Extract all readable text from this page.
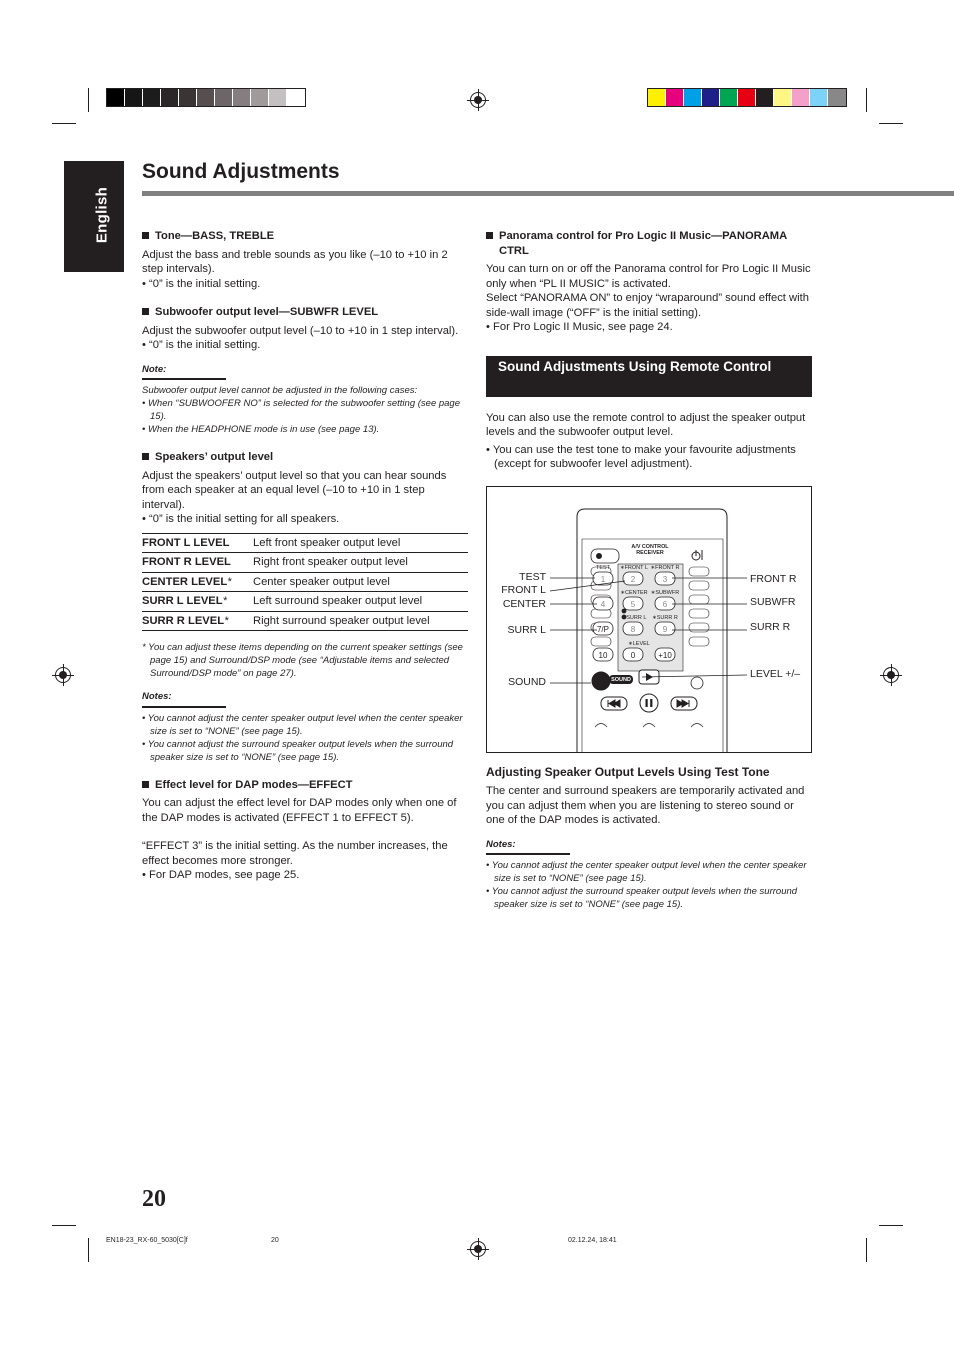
English
Sound Adjustments
Tone—BASS, TREBLE
Adjust the bass and treble sounds as you like (–10 to +10 in 2 step intervals).
• “0” is the initial setting.
Subwoofer output level—SUBWFR LEVEL
Adjust the subwoofer output level (–10 to +10 in 1 step interval).
• “0” is the initial setting.
Note:
Subwoofer output level cannot be adjusted in the following cases:
• When “SUBWOOFER NO” is selected for the subwoofer setting (see page 15).
• When the HEADPHONE mode is in use (see page 13).
Speakers’ output level
Adjust the speakers’ output level so that you can hear sounds from each speaker at an equal level (–10 to +10 in 1 step interval).
• “0” is the initial setting for all speakers.
FRONT L LEVEL	Left front speaker output level
FRONT R LEVEL	Right front speaker output level
CENTER LEVEL*	Center speaker output level
SURR L LEVEL*	Left surround speaker output level
SURR R LEVEL*	Right surround speaker output level
* You can adjust these items depending on the current speaker settings (see page 15) and Surround/DSP mode (see “Adjustable items and selected Surround/DSP mode” on page 27).
Notes:
• You cannot adjust the center speaker output level when the center speaker size is set to “NONE” (see page 15).
• You cannot adjust the surround speaker output levels when the surround speaker size is set to “NONE” (see page 15).
Effect level for DAP modes—EFFECT
You can adjust the effect level for DAP modes only when one of the DAP modes is activated (EFFECT 1 to EFFECT 5).
“EFFECT 3” is the initial setting. As the number increases, the effect becomes more stronger.
• For DAP modes, see page 25.
Panorama control for Pro Logic II Music—PANORAMA CTRL
You can turn on or off the Panorama control for Pro Logic II Music only when “PL II MUSIC” is activated.
Select “PANORAMA ON” to enjoy “wraparound” sound effect with side-wall image (“OFF” is the initial setting).
• For Pro Logic II Music, see page 24.
Sound Adjustments Using Remote Control
You can also use the remote control to adjust the speaker output levels and the subwoofer output level.
• You can use the test tone to make your favourite adjustments (except for subwoofer level adjustment).
A/V CONTROL
RECEIVER
TEST ∗FRONT L ∗FRONT R
∗CENTER ∗SUBWFR
∗SURR L ∗SURR R
∗LEVEL
1	2	3
4	5	6
7/P	8	9
10	0	+10
SOUND
TEST
FRONT L
CENTER
SURR L
SOUND
FRONT R
SUBWFR
SURR R
LEVEL +/–
Adjusting Speaker Output Levels Using Test Tone
The center and surround speakers are temporarily activated and you can adjust them when you are listening to stereo sound or one of the DAP modes is activated.
Notes:
• You cannot adjust the center speaker output level when the center speaker size is set to “NONE” (see page 15).
• You cannot adjust the surround speaker output levels when the surround speaker size is set to “NONE” (see page 15).
20
EN18-23_RX-60_5030[C]f	20	02.12.24, 18:41
